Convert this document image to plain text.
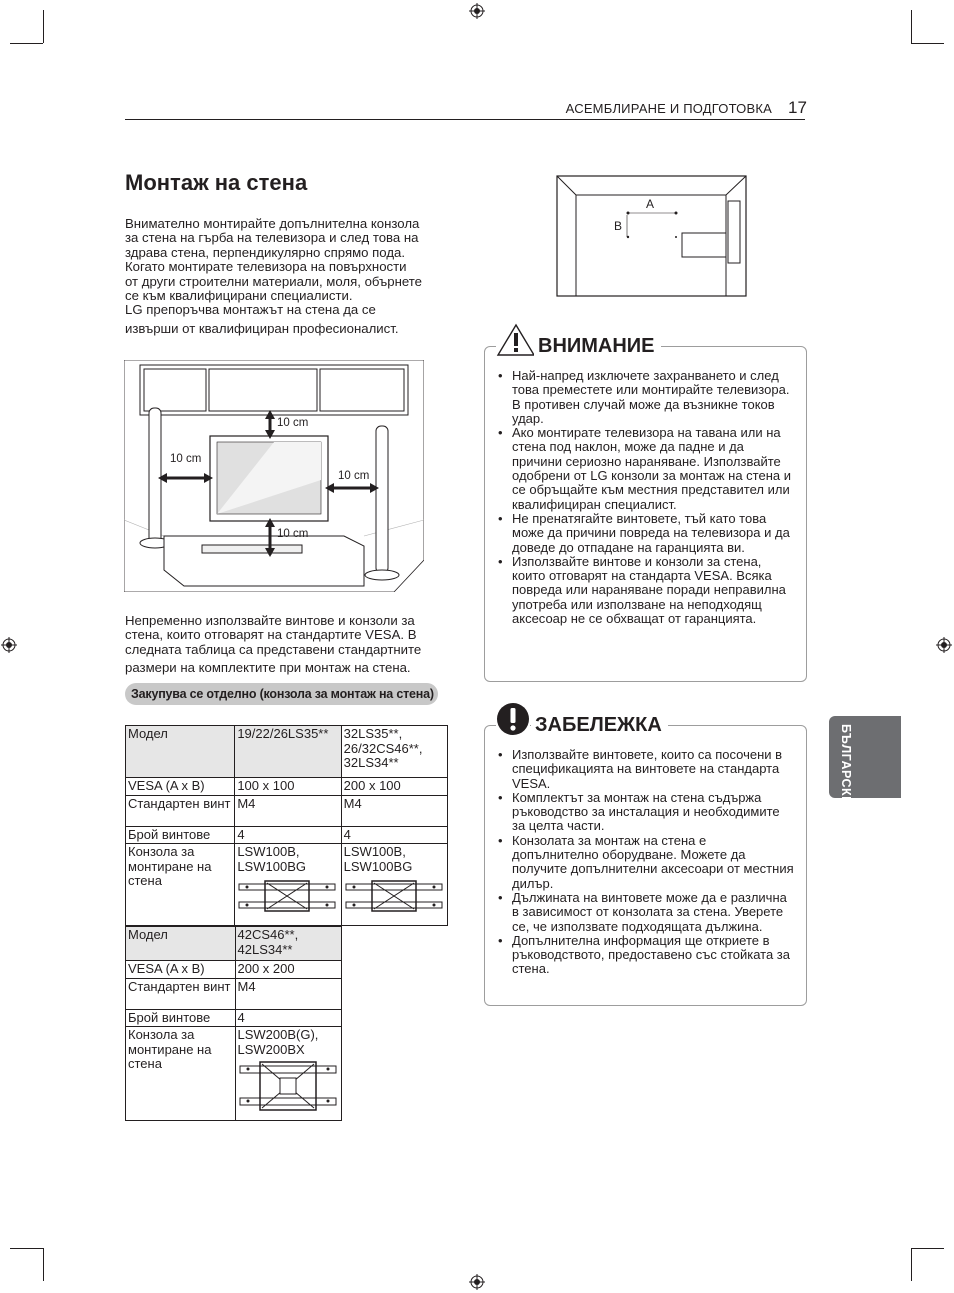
АСЕМБЛИРАНЕ И ПОДГОТОВКА 17
Монтаж на стена
Внимателно монтирайте допълнителна конзола
за стена на гърба на телевизора и след това на
здрава стена, перпендикулярно спрямо пода.
Когато монтирате телевизора на повърхности
от други строителни материали, моля, обърнете
се към квалифицирани специалисти.
LG препоръчва монтажът на стена да се
извърши от квалифициран професионалист.
10 cm
10 cm
10 cm
10 cm
Непременно използвайте винтове и конзоли за
стена, които отговарят на стандартите VESA. В
следната таблица са представени стандартните
размери на комплектите при монтаж на стена.
Закупува се отделно (конзола за монтаж на стена)
Модел	19/22/26LS35**	32LS35**, 26/32CS46**, 32LS34**
VESA (A x B)	100 x 100	200 x 100
Стандартен винт	M4	M4
Брой винтове	4	4
Конзола за монтиране на стена	LSW100B, LSW100BG	LSW100B, LSW100BG
Модел	42CS46**, 42LS34**
VESA (A x B)	200 x 200
Стандартен винт	M4
Брой винтове	4
Конзола за монтиране на стена	LSW200B(G), LSW200BX
A
B
• Най-напред изключете захранването и след това преместете или монтирайте телевизора. В противен случай може да възникне токов удар.
• Ако монтирате телевизора на тавана или на стена под наклон, може да падне и да причини сериозно нараняване. Използвайте одобрени от LG конзоли за монтаж на стена и се обръщайте към местния представител или квалифициран специалист.
• Не пренатягайте винтовете, тъй като това може да причини повреда на телевизора и да доведе до отпадане на гаранцията ви.
• Използвайте винтове и конзоли за стена, които отговарят на стандарта VESA. Всяка повреда или нараняване поради неправилна употреба или използване на неподходящ аксесоар не се обхващат от гаранцията.
ВНИМАНИЕ
• Използвайте винтовете, които са посочени в спецификацията на винтовете на стандарта VESA.
• Комплектът за монтаж на стена съдържа ръководство за инсталация и необходимите за целта части.
• Конзолата за монтаж на стена е допълнително оборудване. Можете да получите допълнителни аксесоари от местния дилър.
• Дължината на винтовете може да е различна в зависимост от конзолата за стена. Уверете се, че използвате подходящата дължина.
• Допълнителна информация ще откриете в ръководството, предоставено със стойката за стена.
ЗАБЕЛЕЖКА	БЪЛГАРСКИ
